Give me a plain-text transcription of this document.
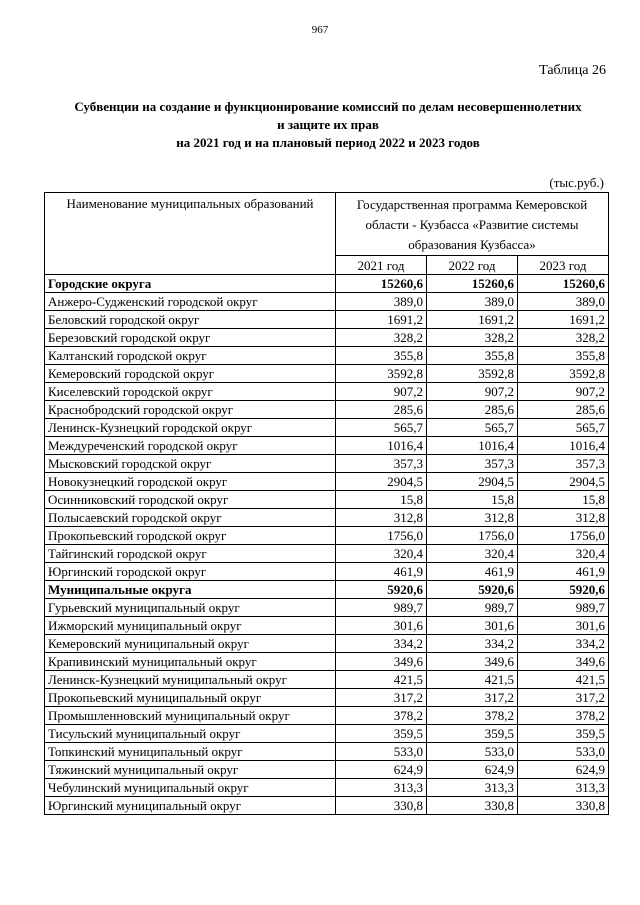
967
Таблица 26
Субвенции на создание и функционирование комиссий по делам несовершеннолетних
и защите их прав
на 2021 год и на плановый период 2022 и 2023 годов
(тыс.руб.)
Наименование муниципальных образований	Государственная программа Кемеровской области - Кузбасса «Развитие системы образования Кузбасса»		
	2021 год	2022 год	2023 год
Городские округа	15260,6	15260,6	15260,6
Анжеро-Судженский городской округ	389,0	389,0	389,0
Беловский городской округ	1691,2	1691,2	1691,2
Березовский городской округ	328,2	328,2	328,2
Калтанский городской округ	355,8	355,8	355,8
Кемеровский городской округ	3592,8	3592,8	3592,8
Киселевский городской округ	907,2	907,2	907,2
Краснобродский городской округ	285,6	285,6	285,6
Ленинск-Кузнецкий городской округ	565,7	565,7	565,7
Междуреченский городской округ	1016,4	1016,4	1016,4
Мысковский городской округ	357,3	357,3	357,3
Новокузнецкий городской округ	2904,5	2904,5	2904,5
Осинниковский городской округ	15,8	15,8	15,8
Полысаевский городской округ	312,8	312,8	312,8
Прокопьевский городской округ	1756,0	1756,0	1756,0
Тайгинский городской округ	320,4	320,4	320,4
Юргинский городской округ	461,9	461,9	461,9
Муниципальные округа	5920,6	5920,6	5920,6
Гурьевский муниципальный округ	989,7	989,7	989,7
Ижморский муниципальный округ	301,6	301,6	301,6
Кемеровский муниципальный округ	334,2	334,2	334,2
Крапивинский муниципальный округ	349,6	349,6	349,6
Ленинск-Кузнецкий муниципальный округ	421,5	421,5	421,5
Прокопьевский муниципальный округ	317,2	317,2	317,2
Промышленновский муниципальный округ	378,2	378,2	378,2
Тисульский муниципальный округ	359,5	359,5	359,5
Топкинский муниципальный округ	533,0	533,0	533,0
Тяжинский муниципальный округ	624,9	624,9	624,9
Чебулинский муниципальный округ	313,3	313,3	313,3
Юргинский муниципальный округ	330,8	330,8	330,8
